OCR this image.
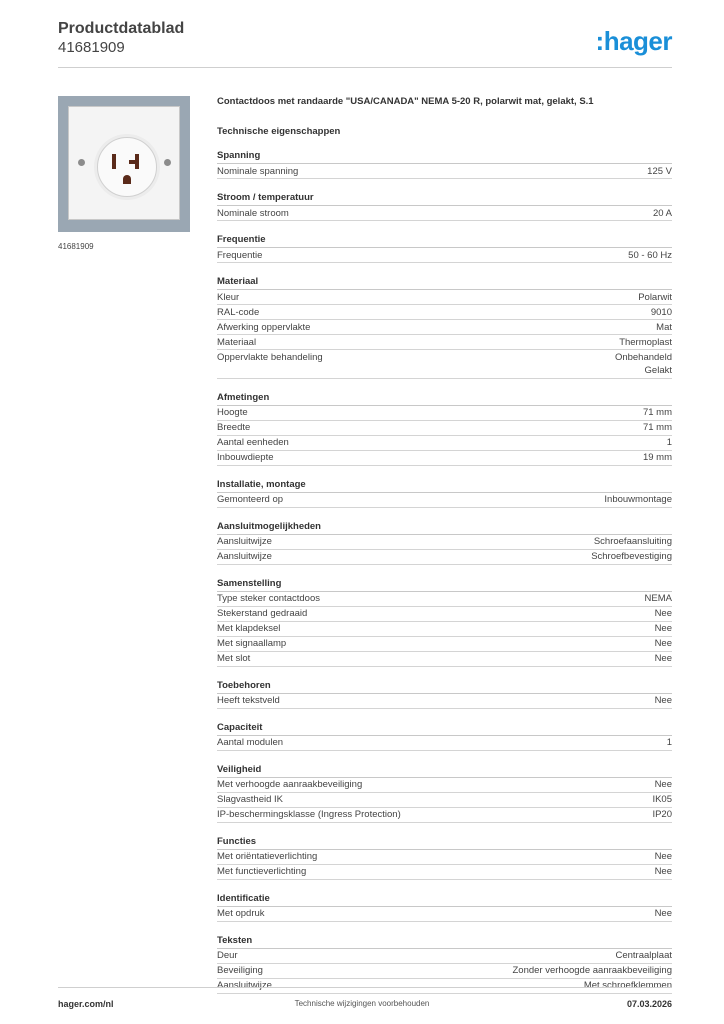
Productdatablad
41681909	:hager
41681909
Contactdoos met randaarde "USA/CANADA" NEMA 5-20 R, polarwit mat, gelakt, S.1
Technische eigenschappen
Spanning
Nominale spanning	125 V
Stroom / temperatuur
Nominale stroom	20 A
Frequentie
Frequentie	50 - 60 Hz
Materiaal
Kleur	Polarwit
RAL-code	9010
Afwerking oppervlakte	Mat
Materiaal	Thermoplast
Oppervlakte behandeling	Onbehandeld
Gelakt
Afmetingen
Hoogte	71 mm
Breedte	71 mm
Aantal eenheden	1
Inbouwdiepte	19 mm
Installatie, montage
Gemonteerd op	Inbouwmontage
Aansluitmogelijkheden
Aansluitwijze	Schroefaansluiting
Aansluitwijze	Schroefbevestiging
Samenstelling
Type steker contactdoos	NEMA
Stekerstand gedraaid	Nee
Met klapdeksel	Nee
Met signaallamp	Nee
Met slot	Nee
Toebehoren
Heeft tekstveld	Nee
Capaciteit
Aantal modulen	1
Veiligheid
Met verhoogde aanraakbeveiliging	Nee
Slagvastheid IK	IK05
IP-beschermingsklasse (Ingress Protection)	IP20
Functies
Met oriëntatieverlichting	Nee
Met functieverlichting	Nee
Identificatie
Met opdruk	Nee
Teksten
Deur	Centraalplaat
Beveiliging	Zonder verhoogde aanraakbeveiliging
Aansluitwijze	Met schroefklemmen
hager.com/nl	Technische wijzigingen voorbehouden	07.03.2026
